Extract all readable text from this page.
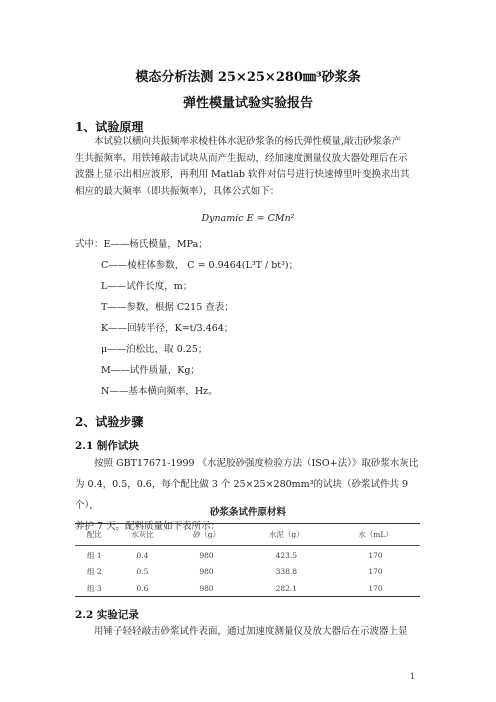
模态分析法测 25×25×280㎜³砂浆条
弹性模量试验实验报告
1、试验原理
本试验以横向共振频率求棱柱体水泥砂浆条的杨氏弹性模量,敲击砂浆条产
生共振频率。用铁锤敲击试块从而产生振动，经加速度测量仪放大器处理后在示
波器上显示出相应波形，再利用 Matlab 软件对信号进行快速傅里叶变换求出其
相应的最大频率（即共振频率），具体公式如下：
Dynamic E = CMn²
式中：E——杨氏模量，MPa；
C——棱柱体参数， C = 0.9464(L³T / bt³)；
L——试件长度，m；
T——参数，根据 C215 查表；
K——回转半径，K=t/3.464；
μ——泊松比，取 0.25；
M——试件质量，Kg；
N——基本横向频率，Hz。
2、试验步骤
2.1 制作试块
按照 GBT17671-1999 《水泥胶砂强度检验方法（ISO+法）》取砂浆水灰比
为 0.4，0.5，0.6，每个配比做 3 个 25×25×280mm³的试块（砂浆试件共 9 个），
养护 7 天。配料质量如下表所示：
砂浆条试件原材料
配比	水灰比	砂（g）	水泥（g）	水（mL）
组 1	0.4	980	423.5	170
组 2	0.5	980	338.8	170
组 3	0.6	980	282.1	170
2.2 实验记录
用锤子轻轻敲击砂浆试件表面，通过加速度测量仪及放大器后在示波器上显
1
